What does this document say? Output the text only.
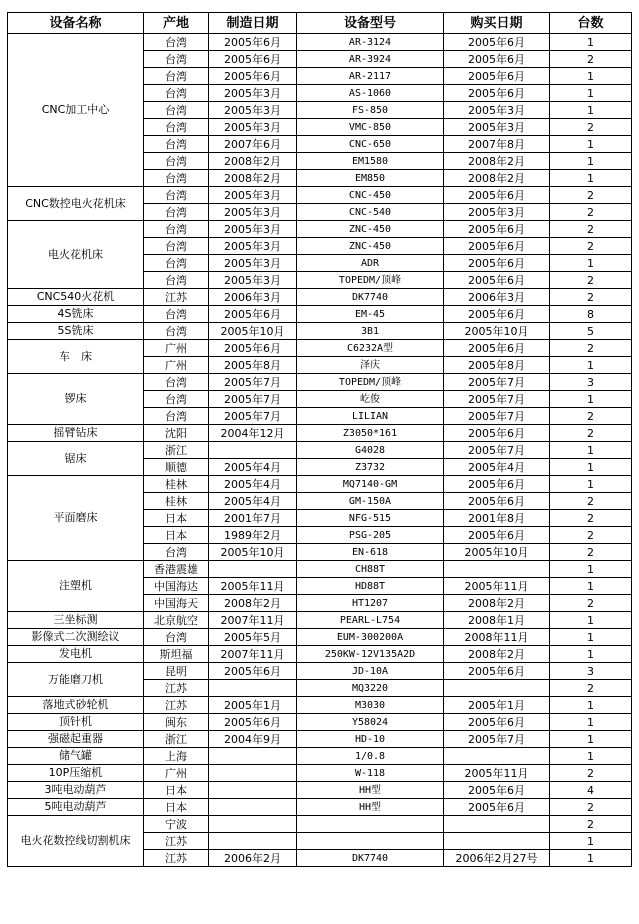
设备名称	产地	制造日期	设备型号	购买日期	台数
CNC加工中心	台湾	2005年6月	AR-3124	2005年6月	1
	台湾	2005年6月	AR-3924	2005年6月	2
	台湾	2005年6月	AR-2117	2005年6月	1
	台湾	2005年3月	AS-1060	2005年6月	1
	台湾	2005年3月	FS-850	2005年3月	1
	台湾	2005年3月	VMC-850	2005年3月	2
	台湾	2007年6月	CNC-650	2007年8月	1
	台湾	2008年2月	EM1580	2008年2月	1
	台湾	2008年2月	EM850	2008年2月	1
CNC数控电火花机床	台湾	2005年3月	CNC-450	2005年6月	2
	台湾	2005年3月	CNC-540	2005年3月	2
电火花机床	台湾	2005年3月	ZNC-450	2005年6月	2
	台湾	2005年3月	ZNC-450	2005年6月	2
	台湾	2005年3月	ADR	2005年6月	1
	台湾	2005年3月	TOPEDM/顶峰	2005年6月	2
CNC540火花机	江苏	2006年3月	DK7740	2006年3月	2
4S铣床	台湾	2005年6月	EM-45	2005年6月	8
5S铣床	台湾	2005年10月	3B1	2005年10月	5
车　床	广州	2005年6月	C6232A型	2005年6月	2
	广州	2005年8月	泽庆	2005年8月	1
锣床	台湾	2005年7月	TOPEDM/顶峰	2005年7月	3
	台湾	2005年7月	屹俊	2005年7月	1
	台湾	2005年7月	LILIAN	2005年7月	2
摇臂钻床	沈阳	2004年12月	Z3050*161	2005年6月	2
锯床	浙江		G4028	2005年7月	1
	顺德	2005年4月	Z3732	2005年4月	1
平面磨床	桂林	2005年4月	MQ7140-GM	2005年6月	1
	桂林	2005年4月	GM-150A	2005年6月	2
	日本	2001年7月	NFG-515	2001年8月	2
	日本	1989年2月	PSG-205	2005年6月	2
	台湾	2005年10月	EN-618	2005年10月	2
注塑机	香港震雄		CH88T		1
	中国海达	2005年11月	HD88T	2005年11月	1
	中国海天	2008年2月	HT1207	2008年2月	2
三坐标测	北京航空	2007年11月	PEARL-L754	2008年1月	1
影像式二次测绘议	台湾	2005年5月	EUM-300200A	2008年11月	1
发电机	斯坦福	2007年11月	250KW-12V135A2D	2008年2月	1
万能磨刀机	昆明	2005年6月	JD-10A	2005年6月	3
	江苏		MQ3220		2
落地式砂轮机	江苏	2005年1月	M3030	2005年1月	1
顶针机	闽东	2005年6月	Y58024	2005年6月	1
强磁起重器	浙江	2004年9月	HD-10	2005年7月	1
储气罐	上海		1/0.8		1
10P压缩机	广州		W-118	2005年11月	2
3吨电动葫芦	日本		HH型	2005年6月	4
5吨电动葫芦	日本		HH型	2005年6月	2
电火花数控线切割机床	宁波				2
	江苏				1
	江苏	2006年2月	DK7740	2006年2月27号	1
